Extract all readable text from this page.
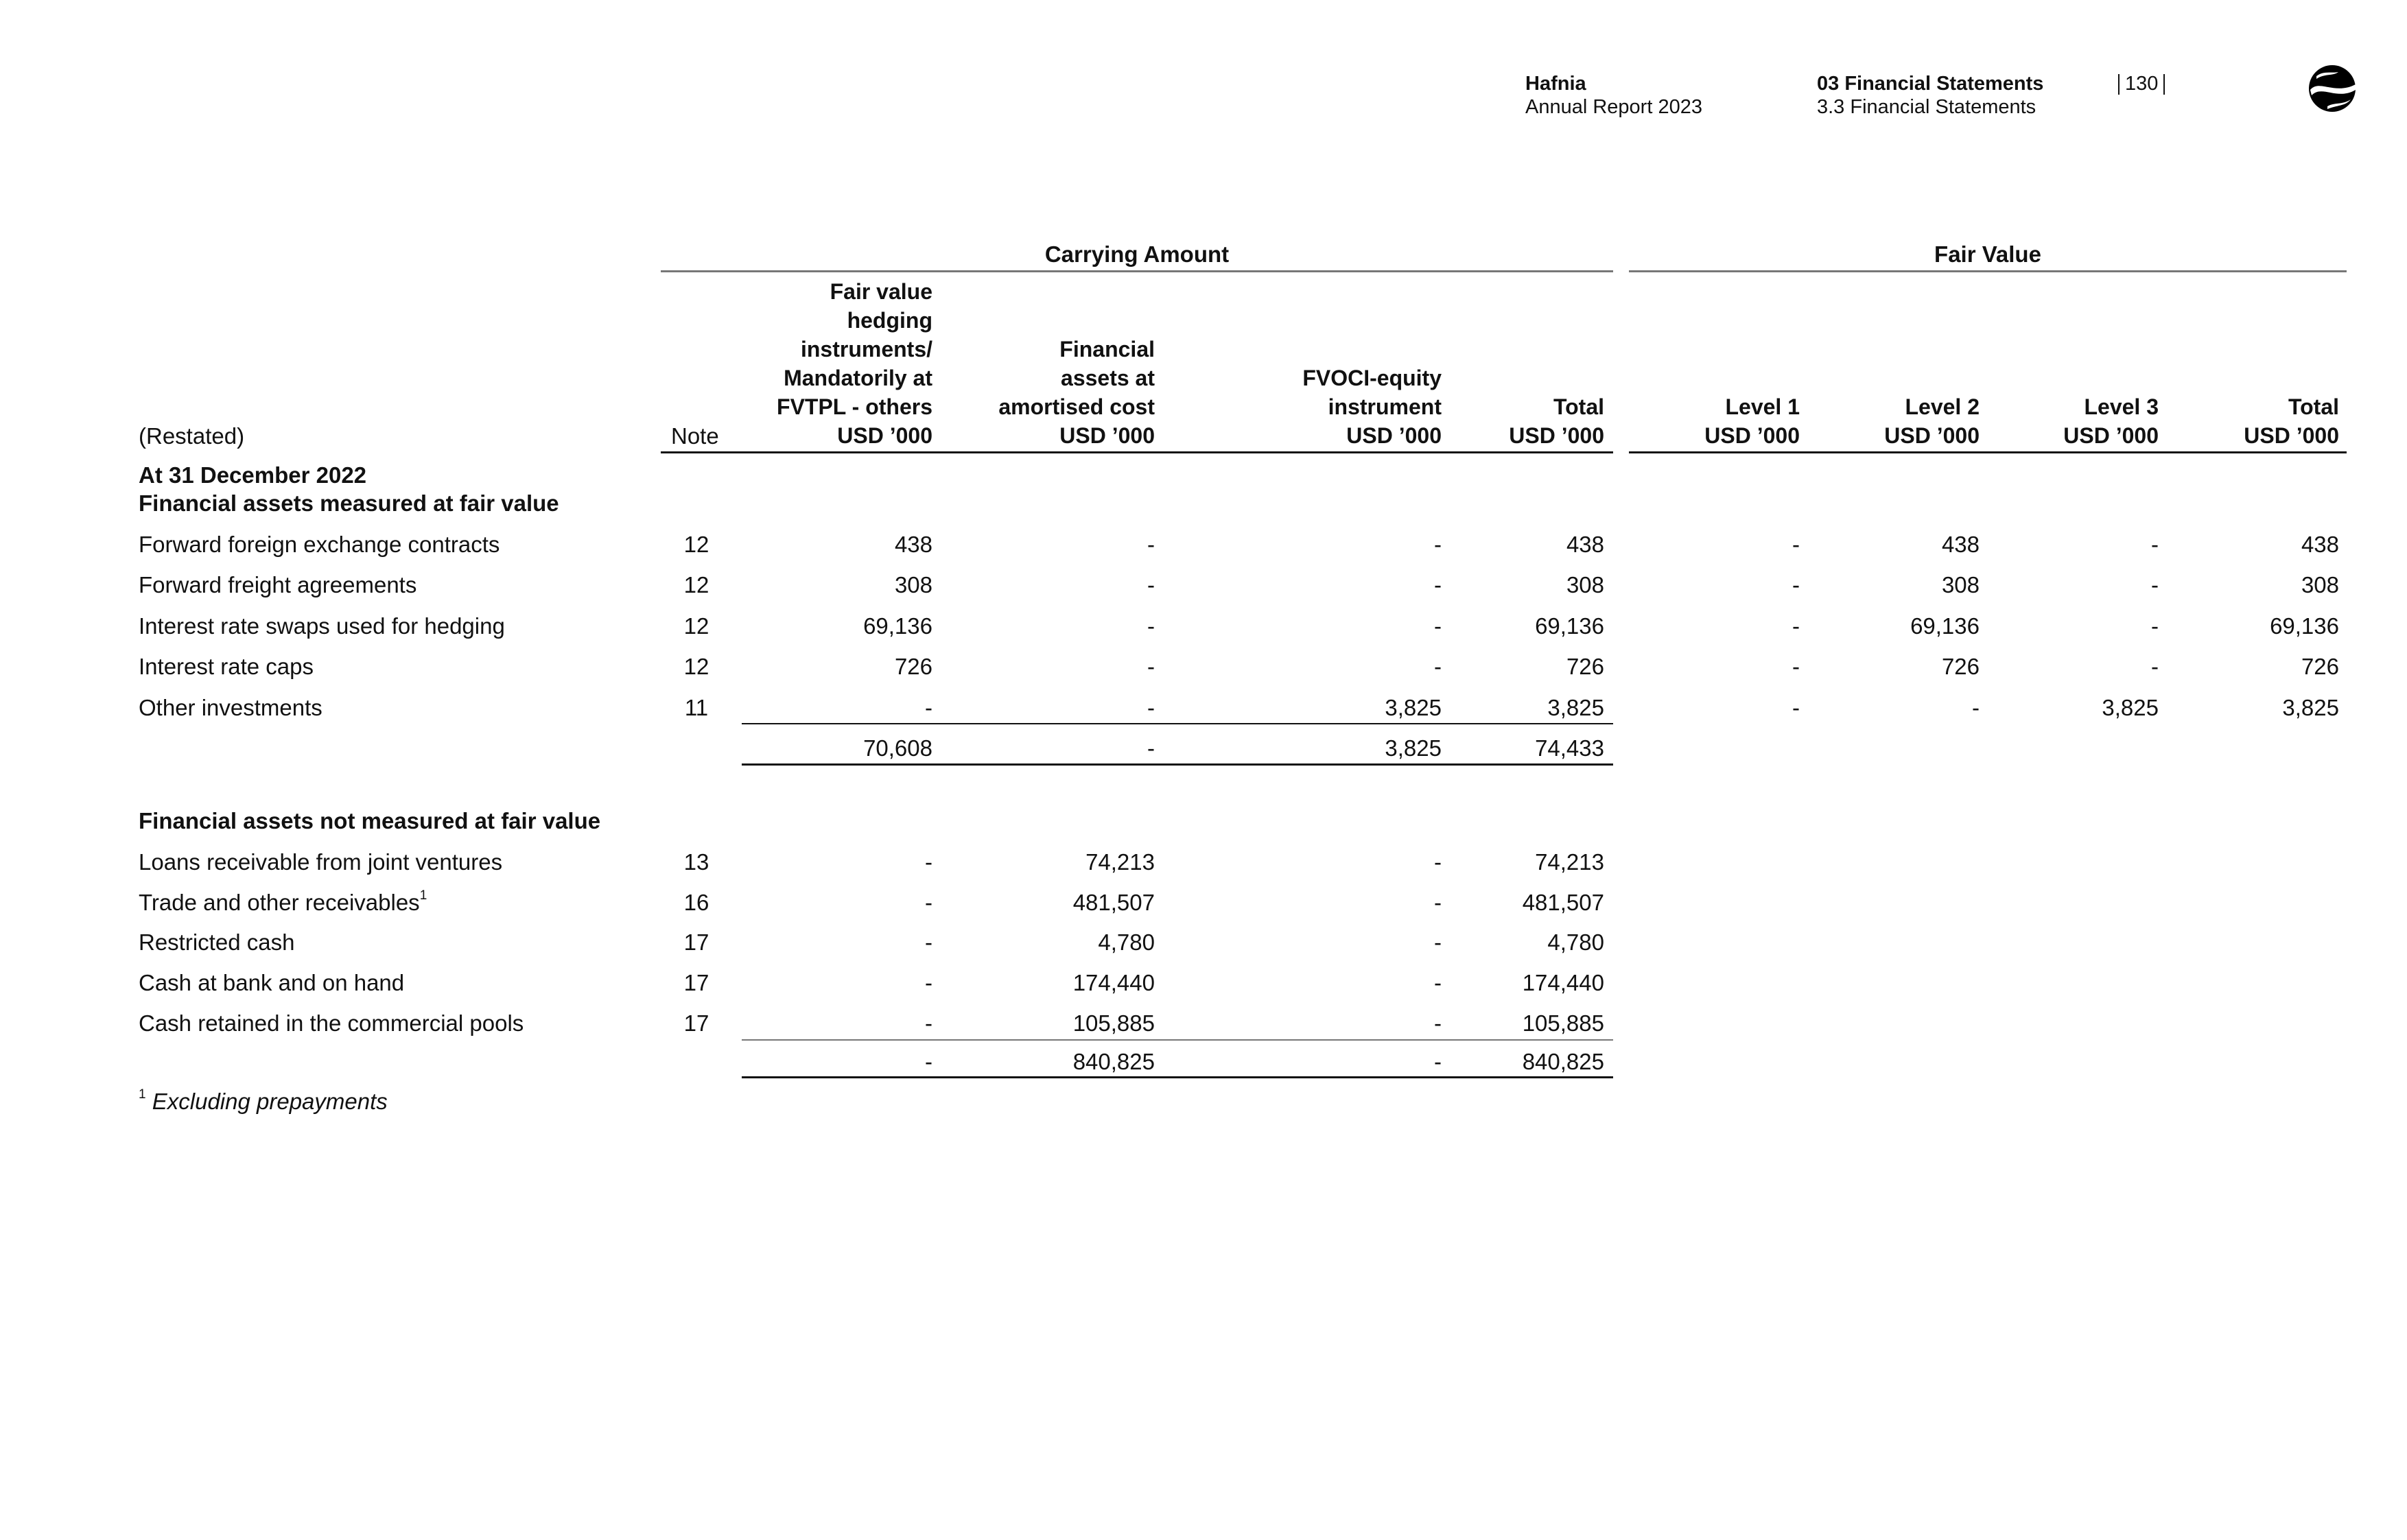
Hafnia
Annual Report 2023
03 Financial Statements
3.3 Financial Statements
130
Carrying Amount	Fair Value
(Restated)	Note
Fair value
hedging
instruments/
Mandatorily at
FVTPL - others
USD ’000
Financial
assets at
amortised cost
USD ’000
FVOCI-equity
instrument
USD ’000
Total
USD ’000
Level 1
USD ’000
Level 2
USD ’000
Level 3
USD ’000
Total
USD ’000
At 31 December 2022
Financial assets measured at fair value
Forward foreign exchange contracts	12	438	-	-	438	-	438	-	438
Forward freight agreements	12	308	-	-	308	-	308	-	308
Interest rate swaps used for hedging	12	69,136	-	-	69,136	-	69,136	-	69,136
Interest rate caps	12	726	-	-	726	-	726	-	726
Other investments	11	-	-	3,825	3,825	-	-	3,825	3,825
70,608	-	3,825	74,433
Financial assets not measured at fair value
Loans receivable from joint ventures	13	-	74,213	-	74,213
Trade and other receivables$^1$	16	-	481,507	-	481,507
Restricted cash	17	-	4,780	-	4,780
Cash at bank and on hand	17	-	174,440	-	174,440
Cash retained in the commercial pools	17	-	105,885	-	105,885
-	840,825	-	840,825
$^1$ Excluding prepayments
